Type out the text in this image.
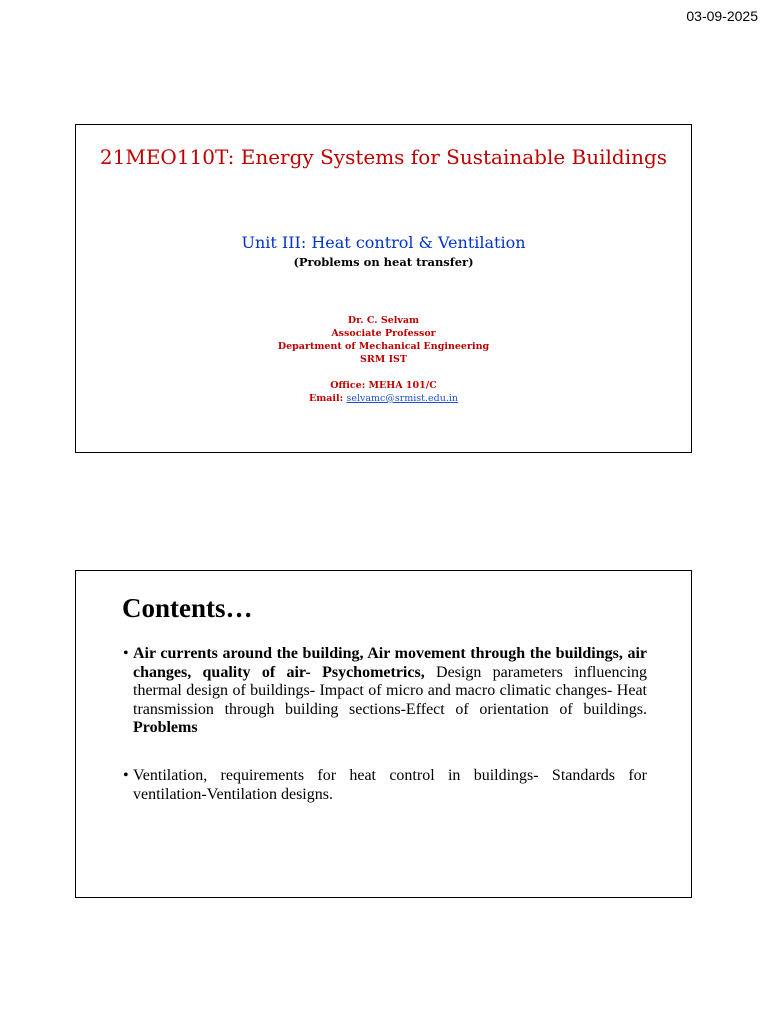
03-09-2025
21MEO110T: Energy Systems for Sustainable Buildings
Unit III: Heat control & Ventilation
(Problems on heat transfer)
Dr. C. Selvam
Associate Professor
Department of Mechanical Engineering
SRM IST
Office: MEHA 101/C
Email: selvamc@srmist.edu.in
Contents…
• Air currents around the building, Air movement through the buildings, air changes, quality of air- Psychometrics, Design parameters influencing thermal design of buildings- Impact of micro and macro climatic changes- Heat transmission through building sections-Effect of orientation of buildings. Problems
• Ventilation, requirements for heat control in buildings- Standards for ventilation-Ventilation designs.
